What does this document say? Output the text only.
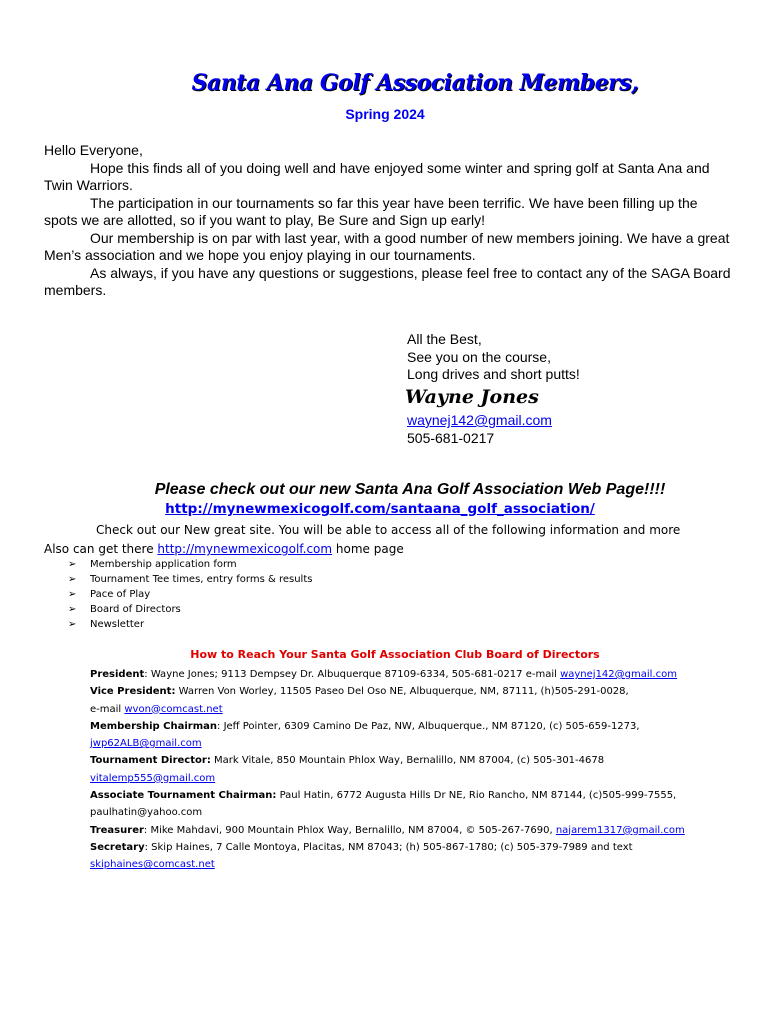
Santa Ana Golf Association Members,
Spring 2024

Hello Everyone,

Hope this finds all of you doing well and have enjoyed some winter and spring golf at Santa Ana and Twin Warriors.

The participation in our tournaments so far this year have been terrific. We have been filling up the spots we are allotted, so if you want to play, Be Sure and Sign up early!

Our membership is on par with last year, with a good number of new members joining. We have a great Men’s association and we hope you enjoy playing in our tournaments.

As always, if you have any questions or suggestions, please feel free to contact any of the SAGA Board members.

All the Best,
See you on the course,
Long drives and short putts!
Wayne Jones
waynej142@gmail.com
505-681-0217
Please check out our new Santa Ana Golf Association Web Page!!!!
http://mynewmexicogolf.com/santaana_golf_association/
Check out our New great site. You will be able to access all of the following information and more
Also can get there http://mynewmexicogolf.com home page
➢ Membership application form
➢ Tournament Tee times, entry forms & results
➢ Pace of Play
➢ Board of Directors
➢ Newsletter
How to Reach Your Santa Golf Association Club Board of Directors
President: Wayne Jones; 9113 Dempsey Dr. Albuquerque 87109-6334, 505-681-0217 e-mail waynej142@gmail.com
Vice President: Warren Von Worley, 11505 Paseo Del Oso NE, Albuquerque, NM, 87111, (h)505-291-0028,
e-mail wvon@comcast.net
Membership Chairman: Jeff Pointer, 6309 Camino De Paz, NW, Albuquerque., NM 87120, (c) 505-659-1273,
jwp62ALB@gmail.com
Tournament Director: Mark Vitale, 850 Mountain Phlox Way, Bernalillo, NM 87004, (c) 505-301-4678
vitalemp555@gmail.com
Associate Tournament Chairman: Paul Hatin, 6772 Augusta Hills Dr NE, Rio Rancho, NM 87144, (c)505-999-7555,
paulhatin@yahoo.com
Treasurer: Mike Mahdavi, 900 Mountain Phlox Way, Bernalillo, NM 87004, © 505-267-7690, najarem1317@gmail.com
Secretary: Skip Haines, 7 Calle Montoya, Placitas, NM 87043; (h) 505-867-1780; (c) 505-379-7989 and text
skiphaines@comcast.net
